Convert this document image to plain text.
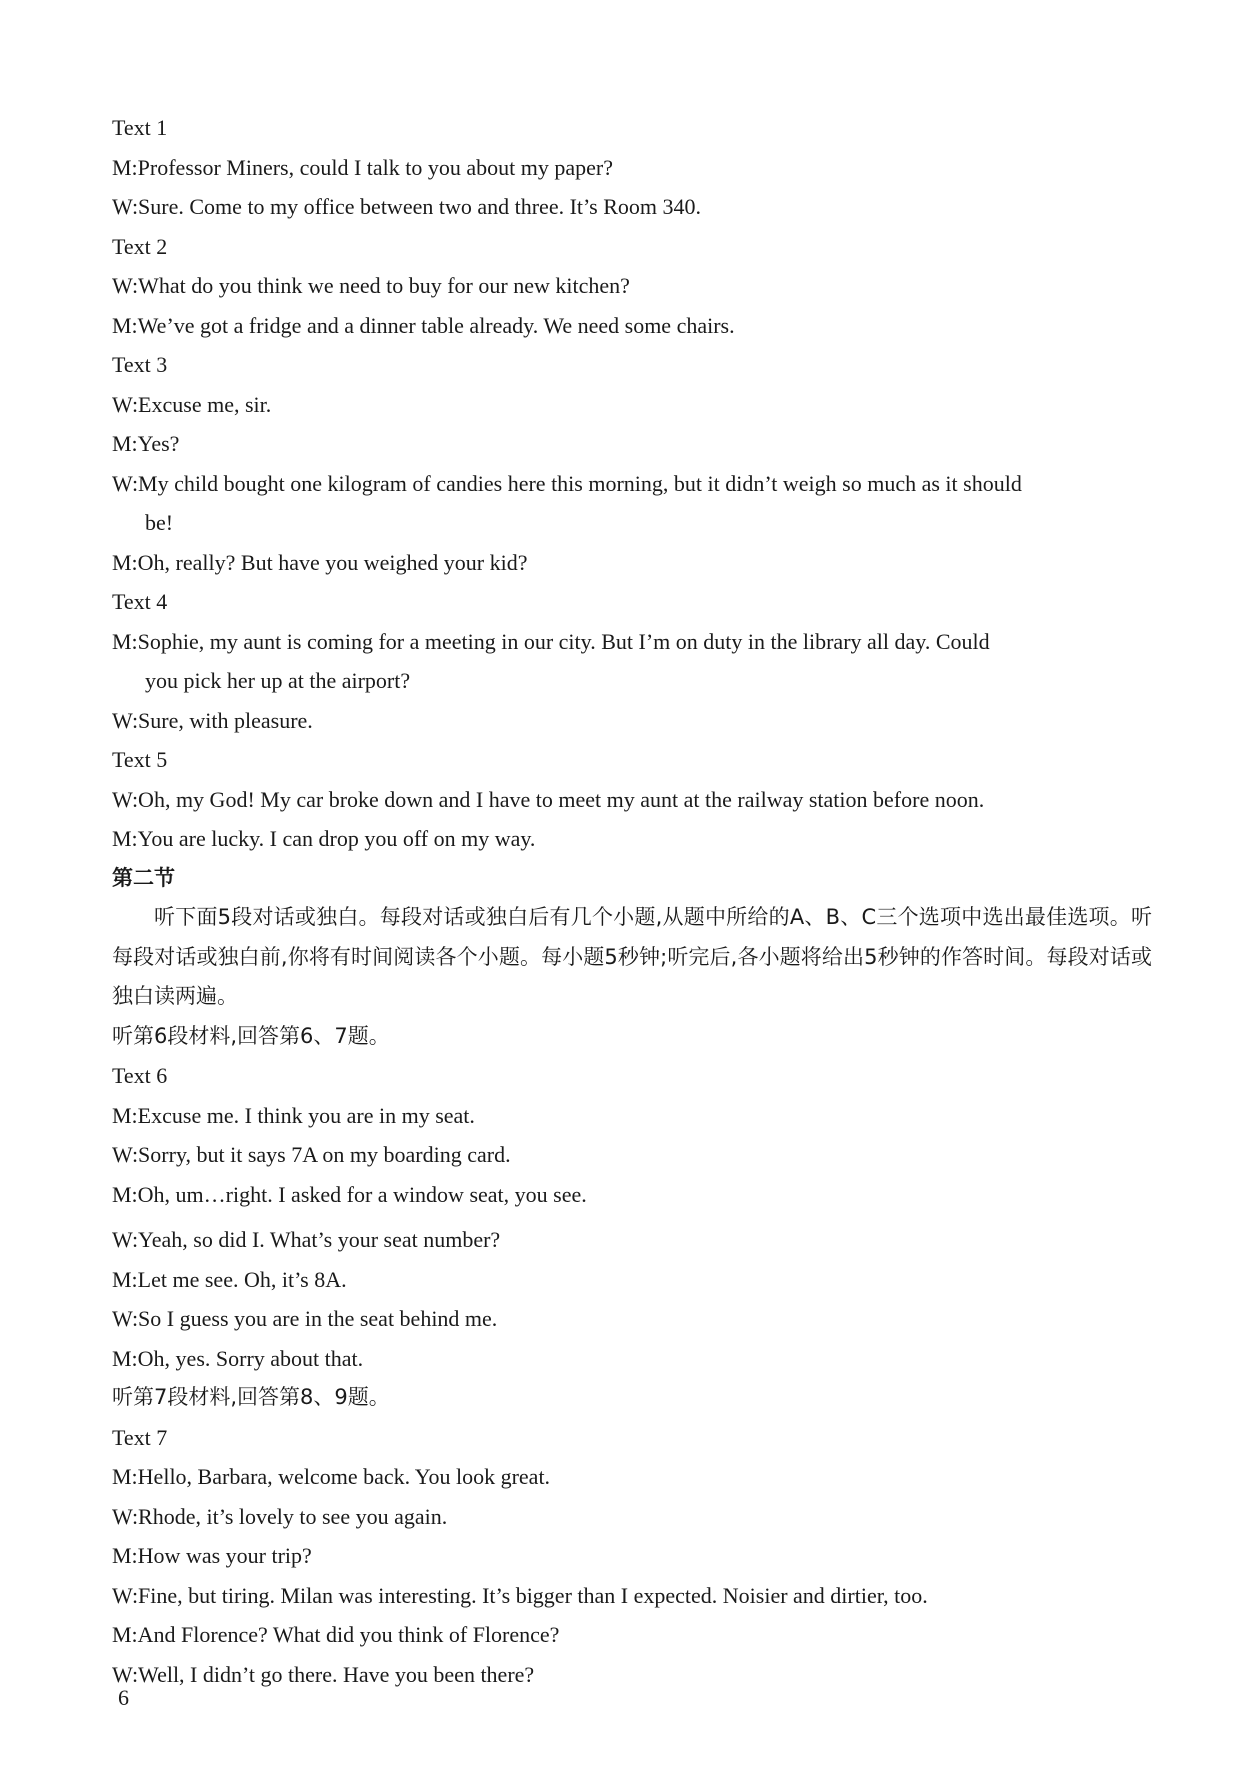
Text 1
M:Professor Miners, could I talk to you about my paper?
W:Sure. Come to my office between two and three. It’s Room 340.
Text 2
W:What do you think we need to buy for our new kitchen?
M:We’ve got a fridge and a dinner table already. We need some chairs.
Text 3
W:Excuse me, sir.
M:Yes?
W:My child bought one kilogram of candies here this morning, but it didn’t weigh so much as it should
be!
M:Oh, really? But have you weighed your kid?
Text 4
M:Sophie, my aunt is coming for a meeting in our city. But I’m on duty in the library all day. Could
you pick her up at the airport?
W:Sure, with pleasure.
Text 5
W:Oh, my God! My car broke down and I have to meet my aunt at the railway station before noon.
M:You are lucky. I can drop you off on my way.
第二节
听下面5段对话或独白。每段对话或独白后有几个小题,从题中所给的A、B、C三个选项中选出最佳选项。听每段对话或独白前,你将有时间阅读各个小题。每小题5秒钟;听完后,各小题将给出5秒钟的作答时间。每段对话或独白读两遍。
听第6段材料,回答第6、7题。
Text 6
M:Excuse me. I think you are in my seat.
W:Sorry, but it says 7A on my boarding card.
M:Oh, um…right. I asked for a window seat, you see.
W:Yeah, so did I. What’s your seat number?
M:Let me see. Oh, it’s 8A.
W:So I guess you are in the seat behind me.
M:Oh, yes. Sorry about that.
听第7段材料,回答第8、9题。
Text 7
M:Hello, Barbara, welcome back. You look great.
W:Rhode, it’s lovely to see you again.
M:How was your trip?
W:Fine, but tiring. Milan was interesting. It’s bigger than I expected. Noisier and dirtier, too.
M:And Florence? What did you think of Florence?
W:Well, I didn’t go there. Have you been there?
6
